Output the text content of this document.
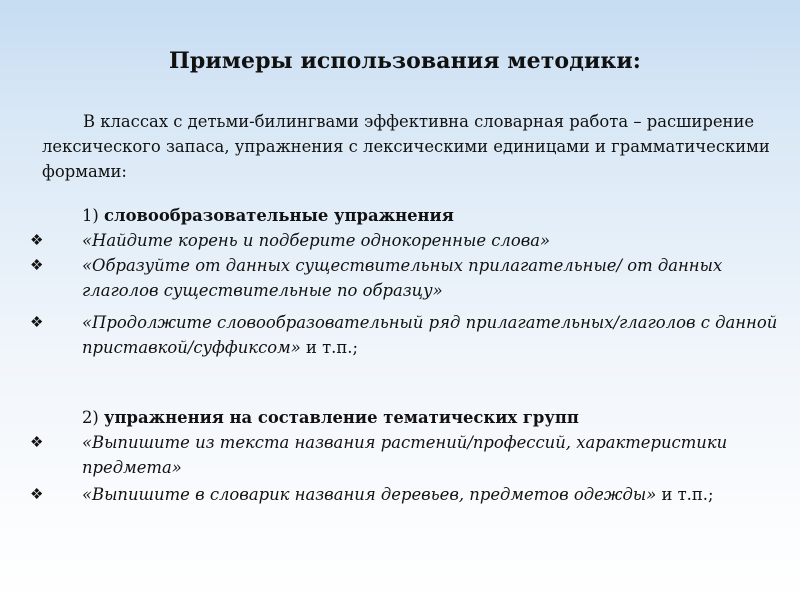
Примеры использования методики:
В классах с детьми-билингвами эффективна словарная работа – расширение лексического запаса, упражнения с лексическими единицами и грамматическими формами:
1) словообразовательные упражнения
❖	«Найдите корень и подберите однокоренные слова»
❖	«Образуйте от данных существительных прилагательные/ от данных глаголов существительные по образцу»
❖	«Продолжите словообразовательный ряд прилагательных/глаголов с данной приставкой/суффиксом» и т.п.;
2) упражнения на составление тематических групп
❖	«Выпишите из текста названия растений/профессий, характеристики предмета»
❖	«Выпишите в словарик названия деревьев, предметов одежды» и т.п.;
